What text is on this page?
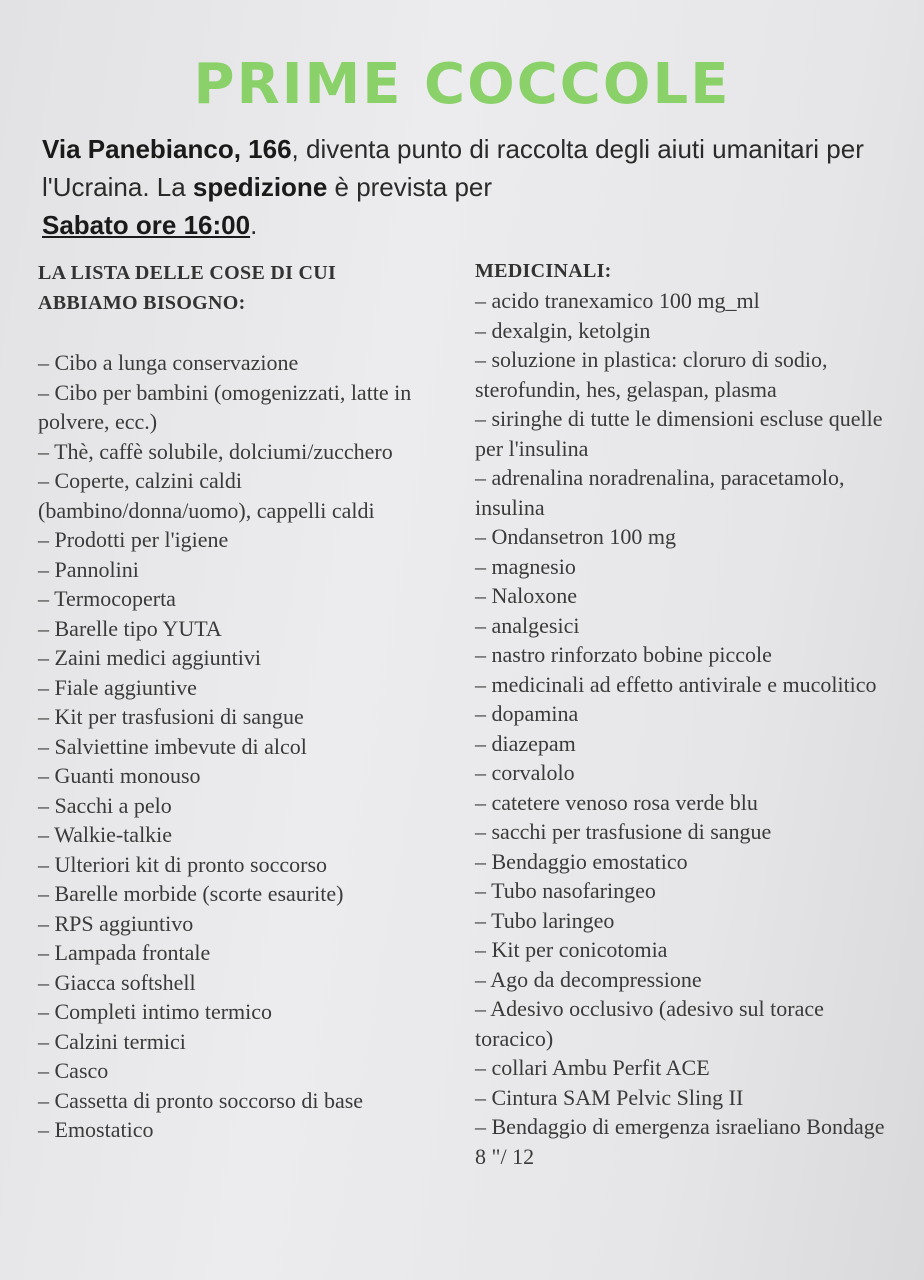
PRIME COCCOLE

Via Panebianco, 166, diventa punto di raccolta degli aiuti umanitari per l'Ucraina. La spedizione è prevista per
Sabato ore 16:00.

LA LISTA DELLE COSE DI CUI
ABBIAMO BISOGNO:

– Cibo a lunga conservazione
– Cibo per bambini (omogenizzati, latte in polvere, ecc.)
– Thè, caffè solubile, dolciumi/zucchero
– Coperte, calzini caldi (bambino/donna/uomo), cappelli caldi
– Prodotti per l'igiene
– Pannolini
– Termocoperta
– Barelle tipo YUTA
– Zaini medici aggiuntivi
– Fiale aggiuntive
– Kit per trasfusioni di sangue
– Salviettine imbevute di alcol
– Guanti monouso
– Sacchi a pelo
– Walkie-talkie
– Ulteriori kit di pronto soccorso
– Barelle morbide (scorte esaurite)
– RPS aggiuntivo
– Lampada frontale
– Giacca softshell
– Completi intimo termico
– Calzini termici
– Casco
– Cassetta di pronto soccorso di base
– Emostatico

MEDICINALI:

– acido tranexamico 100 mg_ml
– dexalgin, ketolgin
– soluzione in plastica: cloruro di sodio, sterofundin, hes, gelaspan, plasma
– siringhe di tutte le dimensioni escluse quelle per l'insulina
– adrenalina noradrenalina, paracetamolo, insulina
– Ondansetron 100 mg
– magnesio
– Naloxone
– analgesici
– nastro rinforzato bobine piccole
– medicinali ad effetto antivirale e mucolitico
– dopamina
– diazepam
– corvalolo
– catetere venoso rosa verde blu
– sacchi per trasfusione di sangue
– Bendaggio emostatico
– Tubo nasofaringeo
– Tubo laringeo
– Kit per conicotomia
– Ago da decompressione
– Adesivo occlusivo (adesivo sul torace toracico)
– collari Ambu Perfit ACE
– Cintura SAM Pelvic Sling II
– Bendaggio di emergenza israeliano Bondage 8 "/ 12
